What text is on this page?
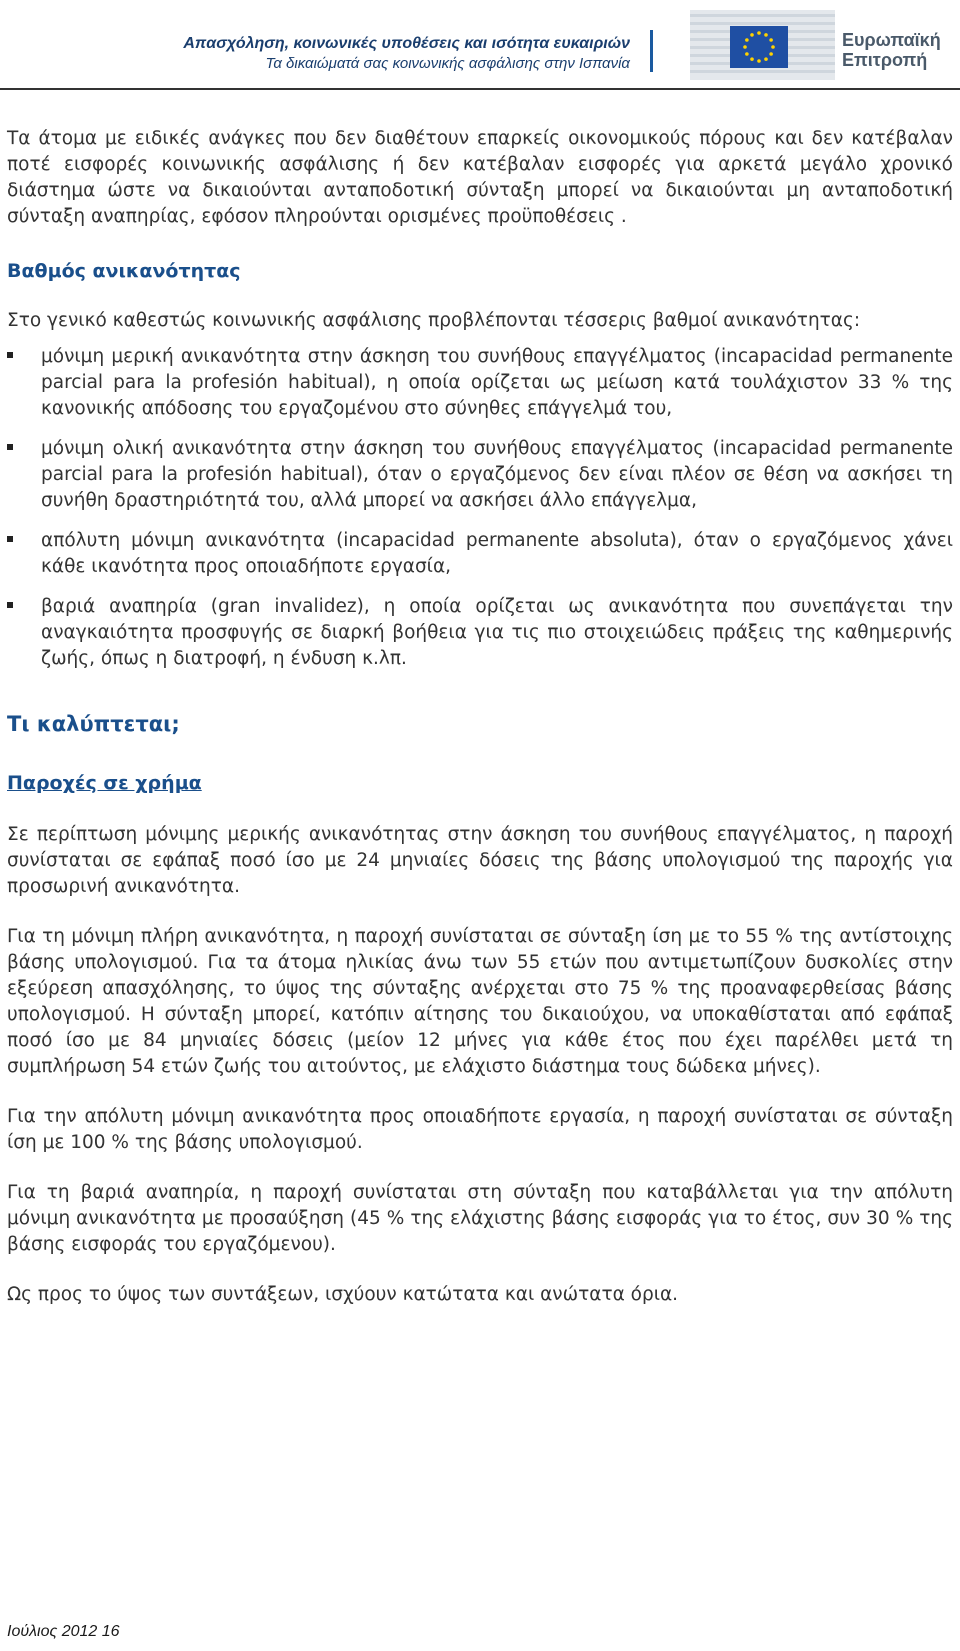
Απασχόληση, κοινωνικές υποθέσεις και ισότητα ευκαιριών
Τα δικαιώματά σας κοινωνικής ασφάλισης στην Ισπανία
Ευρωπαϊκή
Επιτροπή

Τα άτομα με ειδικές ανάγκες που δεν διαθέτουν επαρκείς οικονομικούς πόρους και δεν κατέβαλαν ποτέ εισφορές κοινωνικής ασφάλισης ή δεν κατέβαλαν εισφορές για αρκετά μεγάλο χρονικό διάστημα ώστε να δικαιούνται ανταποδοτική σύνταξη μπορεί να δικαιούνται μη ανταποδοτική σύνταξη αναπηρίας, εφόσον πληρούνται ορισμένες προϋποθέσεις .

Βαθμός ανικανότητας

Στο γενικό καθεστώς κοινωνικής ασφάλισης προβλέπονται τέσσερις βαθμοί ανικανότητας:

μόνιμη μερική ανικανότητα στην άσκηση του συνήθους επαγγέλματος (incapacidad permanente parcial para la profesión habitual), η οποία ορίζεται ως μείωση κατά τουλάχιστον 33 % της κανονικής απόδοσης του εργαζομένου στο σύνηθες επάγγελμά του,
μόνιμη ολική ανικανότητα στην άσκηση του συνήθους επαγγέλματος (incapacidad permanente parcial para la profesión habitual), όταν ο εργαζόμενος δεν είναι πλέον σε θέση να ασκήσει τη συνήθη δραστηριότητά του, αλλά μπορεί να ασκήσει άλλο επάγγελμα,
απόλυτη μόνιμη ανικανότητα (incapacidad permanente absoluta), όταν ο εργαζόμενος χάνει κάθε ικανότητα προς οποιαδήποτε εργασία,
βαριά αναπηρία (gran invalidez), η οποία ορίζεται ως ανικανότητα που συνεπάγεται την αναγκαιότητα προσφυγής σε διαρκή βοήθεια για τις πιο στοιχειώδεις πράξεις της καθημερινής ζωής, όπως η διατροφή, η ένδυση κ.λπ.
Τι καλύπτεται;
Παροχές σε χρήμα

Σε περίπτωση μόνιμης μερικής ανικανότητας στην άσκηση του συνήθους επαγγέλματος, η παροχή συνίσταται σε εφάπαξ ποσό ίσο με 24 μηνιαίες δόσεις της βάσης υπολογισμού της παροχής για προσωρινή ανικανότητα.

Για τη μόνιμη πλήρη ανικανότητα, η παροχή συνίσταται σε σύνταξη ίση με το 55 % της αντίστοιχης βάσης υπολογισμού. Για τα άτομα ηλικίας άνω των 55 ετών που αντιμετωπίζουν δυσκολίες στην εξεύρεση απασχόλησης, το ύψος της σύνταξης ανέρχεται στο 75 % της προαναφερθείσας βάσης υπολογισμού. Η σύνταξη μπορεί, κατόπιν αίτησης του δικαιούχου, να υποκαθίσταται από εφάπαξ ποσό ίσο με 84 μηνιαίες δόσεις (μείον 12 μήνες για κάθε έτος που έχει παρέλθει μετά τη συμπλήρωση 54 ετών ζωής του αιτούντος, με ελάχιστο διάστημα τους δώδεκα μήνες).

Για την απόλυτη μόνιμη ανικανότητα προς οποιαδήποτε εργασία, η παροχή συνίσταται σε σύνταξη ίση με 100 % της βάσης υπολογισμού.

Για τη βαριά αναπηρία, η παροχή συνίσταται στη σύνταξη που καταβάλλεται για την απόλυτη μόνιμη ανικανότητα με προσαύξηση (45 % της ελάχιστης βάσης εισφοράς για το έτος, συν 30 % της βάσης εισφοράς του εργαζόμενου).

Ως προς το ύψος των συντάξεων, ισχύουν κατώτατα και ανώτατα όρια.

Ιούλιος 2012 16
